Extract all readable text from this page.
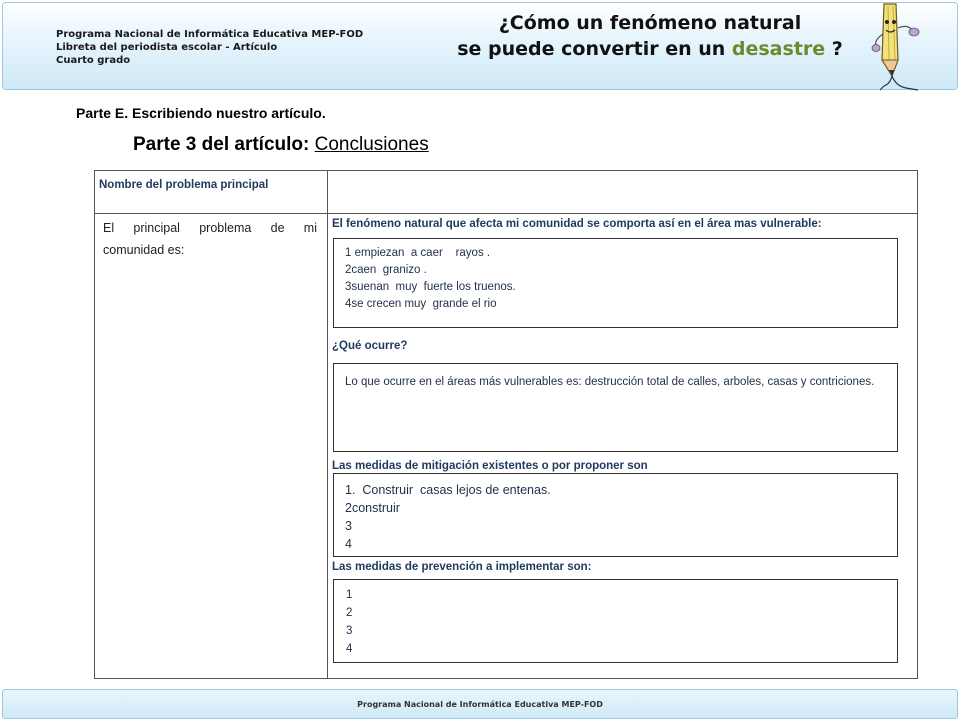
Programa Nacional de Informática Educativa MEP-FOD
Libreta del periodista escolar - Artículo
Cuarto grado
¿Cómo un fenómeno natural
se puede convertir en un desastre ?
Parte E. Escribiendo nuestro artículo.
Parte 3 del artículo: Conclusiones
Nombre del problema principal
El principal problema de mi comunidad es:
El fenómeno natural que afecta mi comunidad se comporta así en el área mas vulnerable:
1 empiezan  a caer    rayos .
2caen  granizo .
3suenan  muy  fuerte los truenos.
4se crecen muy  grande el rio
¿Qué ocurre?
Lo que ocurre en el áreas más vulnerables es: destrucción total de calles, arboles, casas y contriciones.
Las medidas de mitigación existentes o por proponer son
1.  Construir  casas lejos de entenas.
2construir
3
4
Las medidas de prevención a implementar son:
1
2
3
4
Programa Nacional de Informática Educativa MEP-FOD
